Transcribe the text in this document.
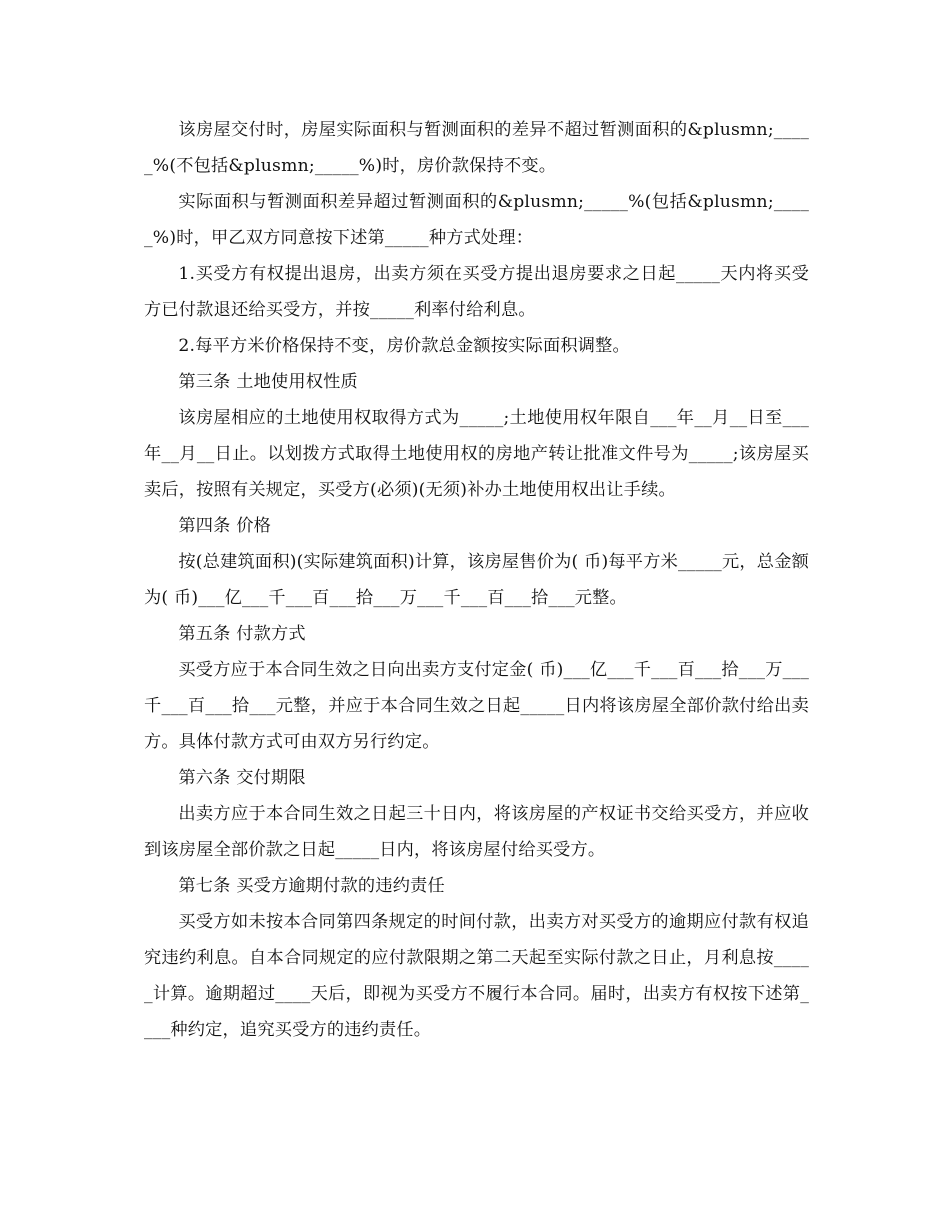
该房屋交付时，房屋实际面积与暂测面积的差异不超过暂测面积的&plusmn;_____%(不包括&plusmn;_____%)时，房价款保持不变。

实际面积与暂测面积差异超过暂测面积的&plusmn;_____%(包括&plusmn;_____%)时，甲乙双方同意按下述第_____种方式处理：

1.买受方有权提出退房，出卖方须在买受方提出退房要求之日起_____天内将买受方已付款退还给买受方，并按_____利率付给利息。

2.每平方米价格保持不变，房价款总金额按实际面积调整。

第三条 土地使用权性质

该房屋相应的土地使用权取得方式为_____;土地使用权年限自___年__月__日至___年__月__日止。以划拨方式取得土地使用权的房地产转让批准文件号为_____;该房屋买卖后，按照有关规定，买受方(必须)(无须)补办土地使用权出让手续。

第四条 价格

按(总建筑面积)(实际建筑面积)计算，该房屋售价为( 币)每平方米_____元，总金额为( 币)___亿___千___百___拾___万___千___百___拾___元整。

第五条 付款方式

买受方应于本合同生效之日向出卖方支付定金( 币)___亿___千___百___拾___万___千___百___拾___元整，并应于本合同生效之日起_____日内将该房屋全部价款付给出卖方。具体付款方式可由双方另行约定。

第六条 交付期限

出卖方应于本合同生效之日起三十日内，将该房屋的产权证书交给买受方，并应收到该房屋全部价款之日起_____日内，将该房屋付给买受方。

第七条 买受方逾期付款的违约责任

买受方如未按本合同第四条规定的时间付款，出卖方对买受方的逾期应付款有权追究违约利息。自本合同规定的应付款限期之第二天起至实际付款之日止，月利息按_____计算。逾期超过____天后，即视为买受方不履行本合同。届时，出卖方有权按下述第____种约定，追究买受方的违约责任。
